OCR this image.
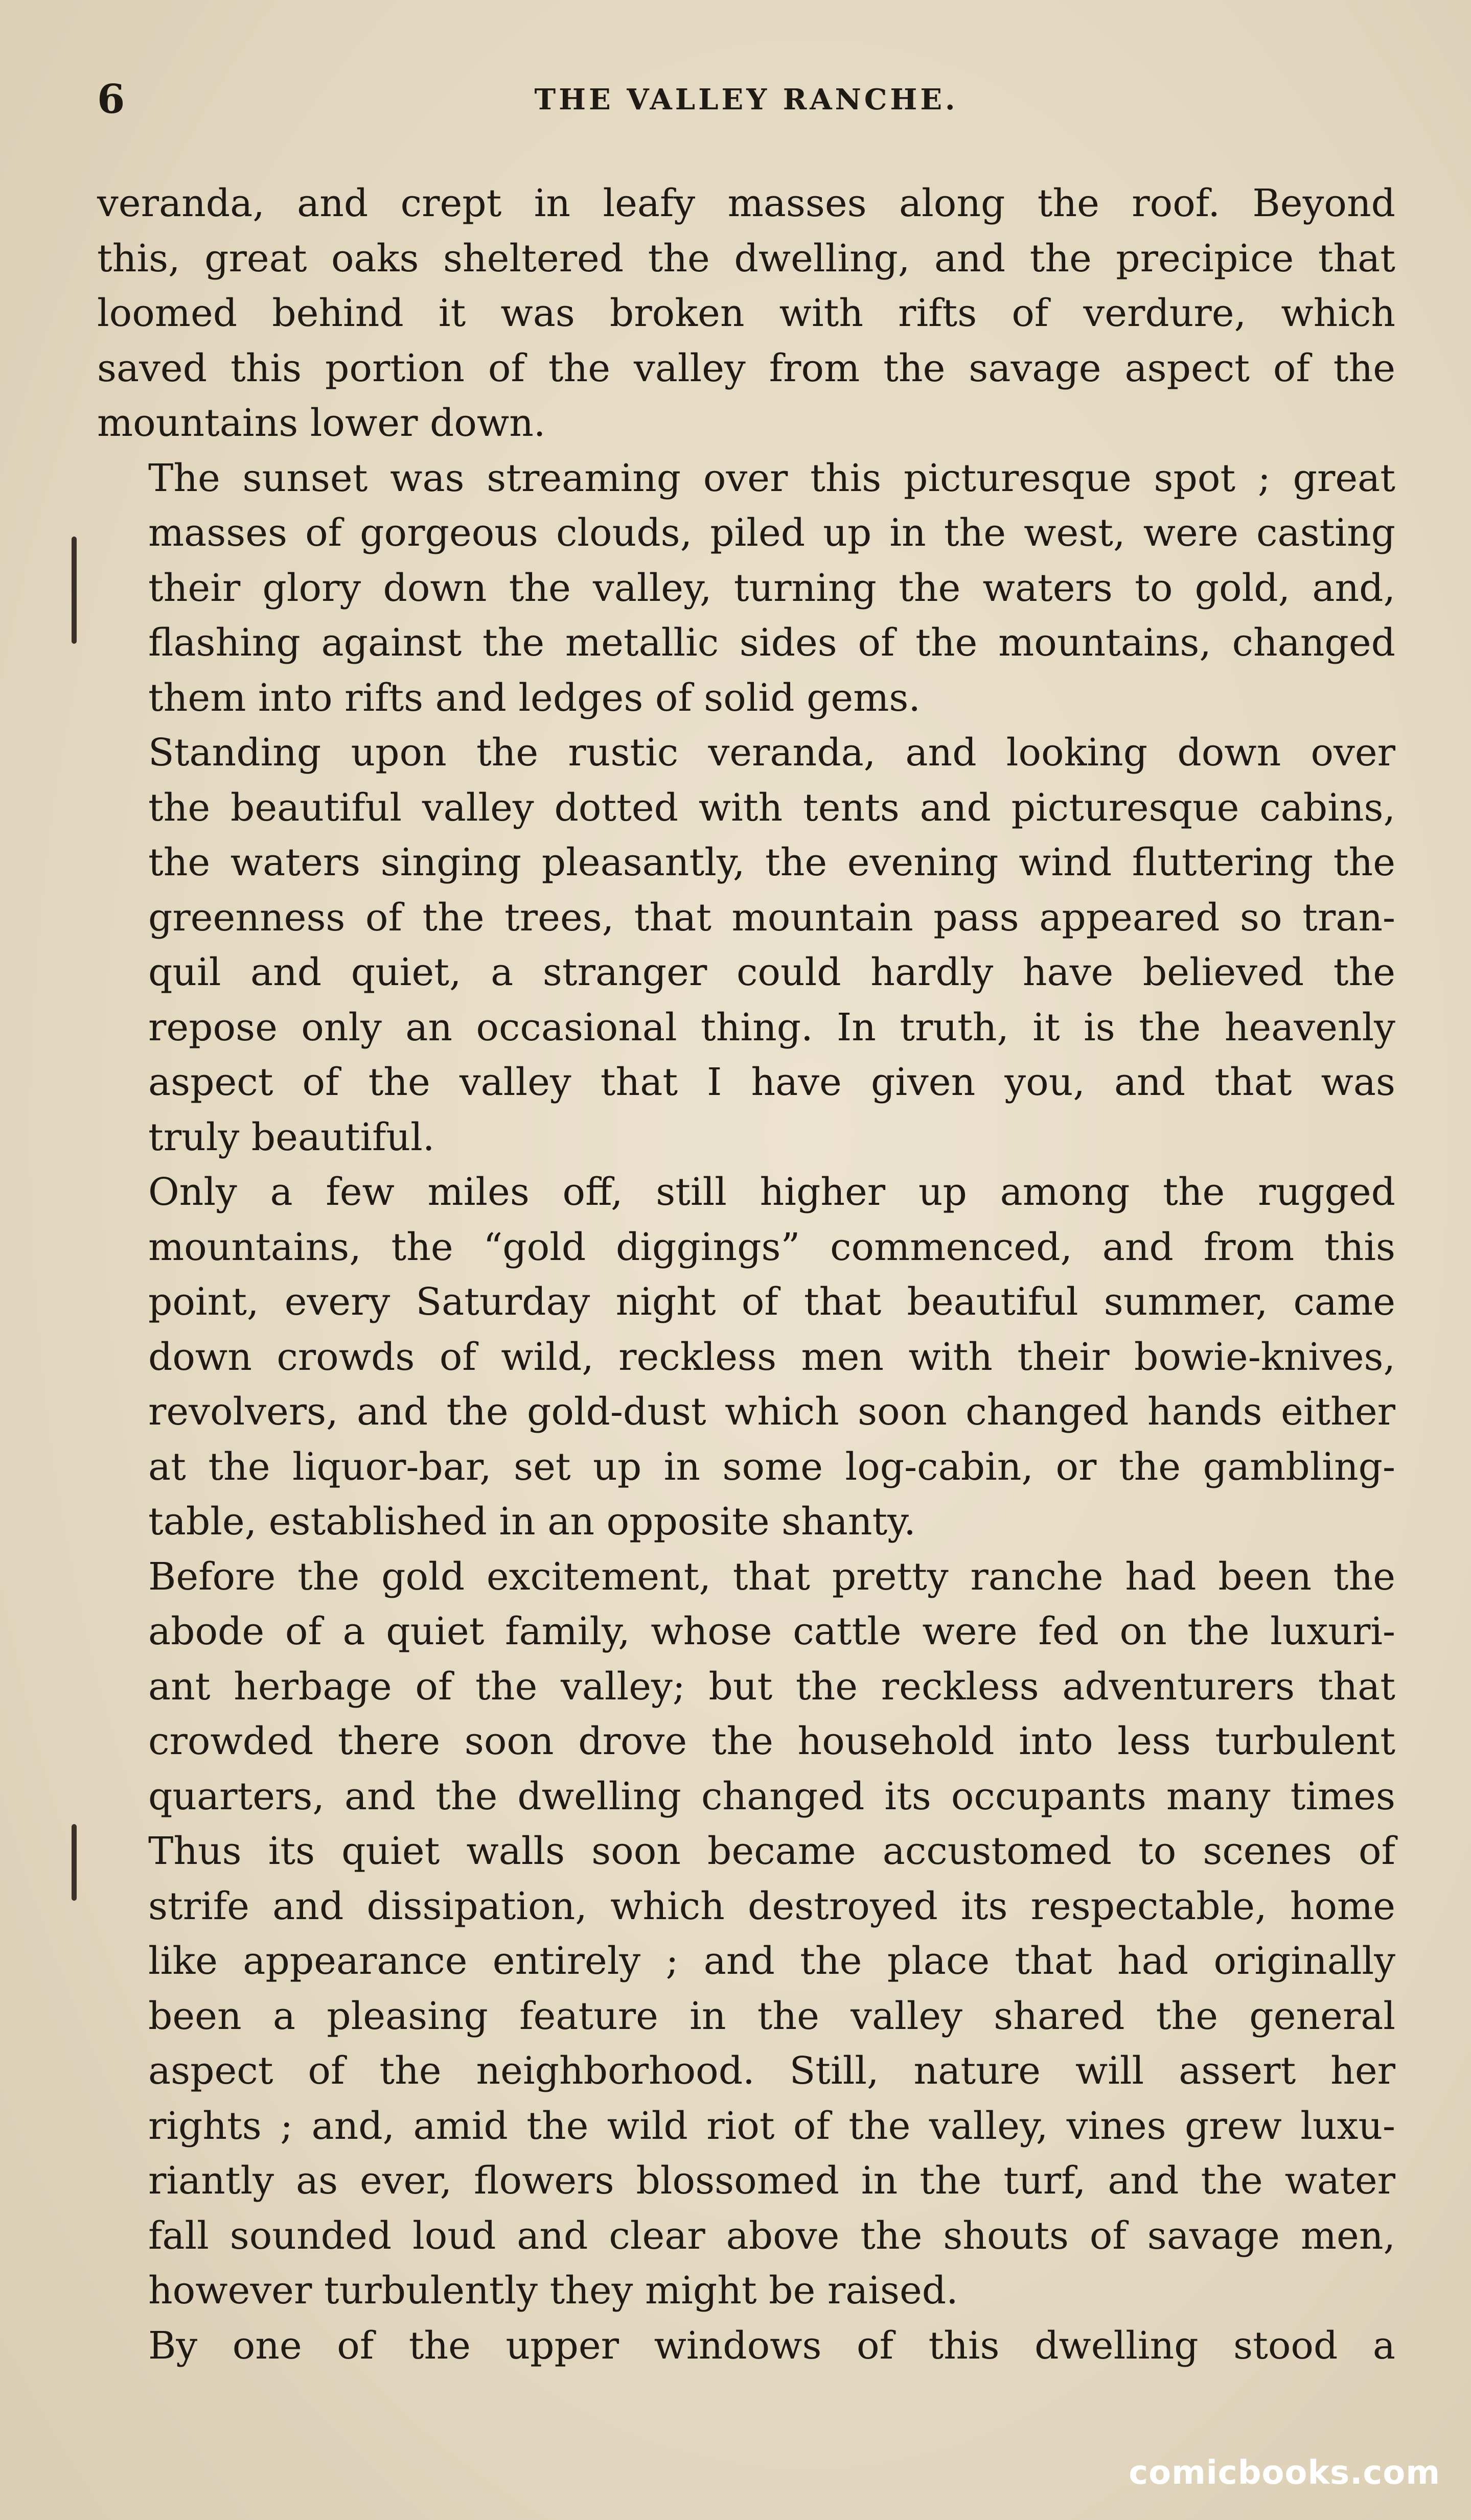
6	THE VALLEY RANCHE.

veranda, and crept in leafy masses along the roof. Beyond
this, great oaks sheltered the dwelling, and the precipice that
loomed behind it was broken with rifts of verdure, which
saved this portion of the valley from the savage aspect of the
mountains lower down.

The sunset was streaming over this picturesque spot ; great
masses of gorgeous clouds, piled up in the west, were casting
their glory down the valley, turning the waters to gold, and,
flashing against the metallic sides of the mountains, changed
them into rifts and ledges of solid gems.

Standing upon the rustic veranda, and looking down over
the beautiful valley dotted with tents and picturesque cabins,
the waters singing pleasantly, the evening wind fluttering the
greenness of the trees, that mountain pass appeared so tran-
quil and quiet, a stranger could hardly have believed the
repose only an occasional thing. In truth, it is the heavenly
aspect of the valley that I have given you, and that was
truly beautiful.

Only a few miles off, still higher up among the rugged
mountains, the “gold diggings” commenced, and from this
point, every Saturday night of that beautiful summer, came
down crowds of wild, reckless men with their bowie-knives,
revolvers, and the gold-dust which soon changed hands either
at the liquor-bar, set up in some log-cabin, or the gambling-
table, established in an opposite shanty.

Before the gold excitement, that pretty ranche had been the
abode of a quiet family, whose cattle were fed on the luxuri-
ant herbage of the valley; but the reckless adventurers that
crowded there soon drove the household into less turbulent
quarters, and the dwelling changed its occupants many times
Thus its quiet walls soon became accustomed to scenes of
strife and dissipation, which destroyed its respectable, home
like appearance entirely ; and the place that had originally
been a pleasing feature in the valley shared the general
aspect of the neighborhood. Still, nature will assert her
rights ; and, amid the wild riot of the valley, vines grew luxu-
riantly as ever, flowers blossomed in the turf, and the water
fall sounded loud and clear above the shouts of savage men,
however turbulently they might be raised.

By one of the upper windows of this dwelling stood a

comicbooks.com
